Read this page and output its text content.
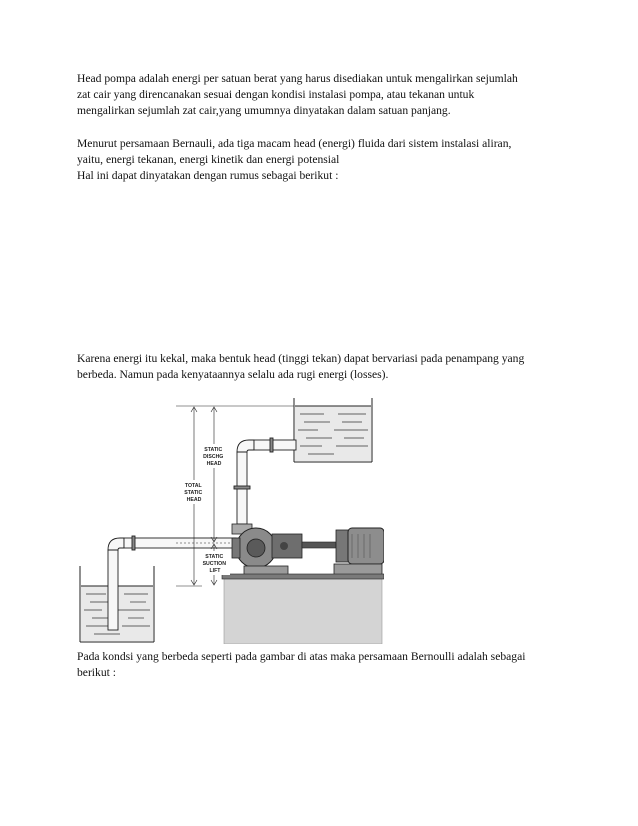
Head pompa adalah energi per satuan berat yang harus disediakan untuk mengalirkan sejumlah
zat cair yang direncanakan sesuai dengan kondisi instalasi pompa, atau tekanan untuk
mengalirkan sejumlah zat cair,yang umumnya dinyatakan dalam satuan panjang.

Menurut persamaan Bernauli, ada tiga macam head (energi) fluida dari sistem instalasi aliran,
yaitu, energi tekanan, energi kinetik dan energi potensial
Hal ini dapat dinyatakan dengan rumus sebagai berikut :

Karena energi itu kekal, maka bentuk head (tinggi tekan) dapat bervariasi pada penampang yang
berbeda. Namun pada kenyataannya selalu ada rugi energi (losses).

STATIC DISCHG HEAD
TOTAL STATIC HEAD
STATIC SUCTION LIFT

Pada kondsi yang berbeda seperti pada gambar di atas maka persamaan Bernoulli adalah sebagai
berikut :
